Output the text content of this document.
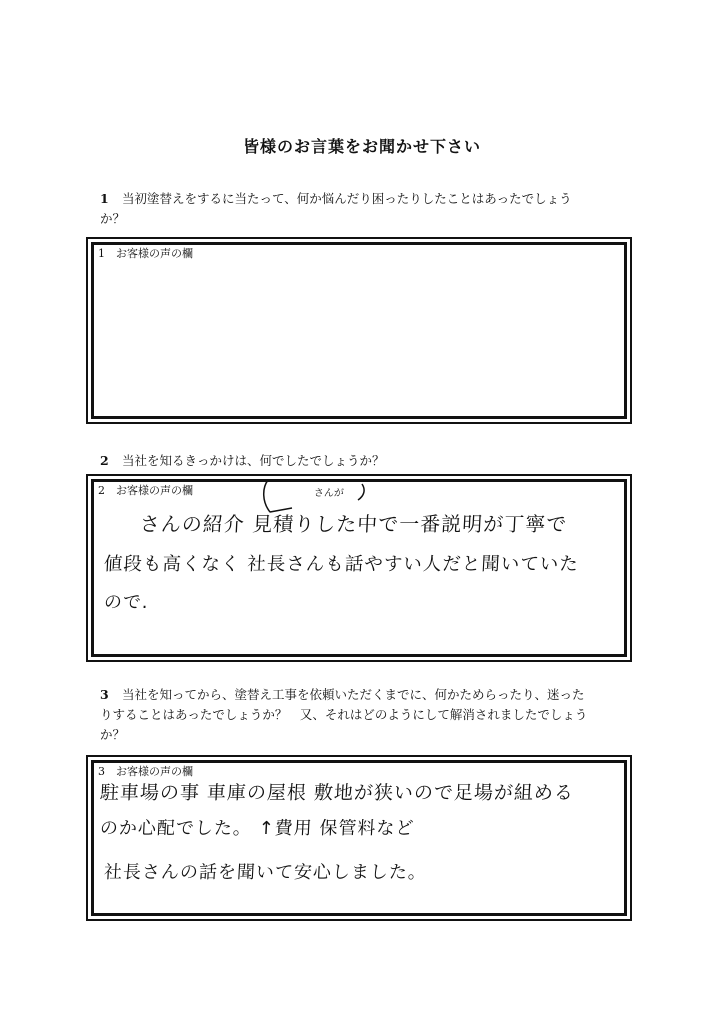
皆様のお言葉をお聞かせ下さい
1 当初塗替えをするに当たって、何か悩んだり困ったりしたことはあったでしょう
か？
1　お客様の声の欄
2 当社を知るきっかけは、何でしたでしょうか？
2　お客様の声の欄	さんが
さんの紹介 見積りした中で一番説明が丁寧で
値段も高くなく 社長さんも話やすい人だと聞いていた
ので.
3 当社を知ってから、塗替え工事を依頼いただくまでに、何かためらったり、迷った
りすることはあったでしょうか？　又、それはどのようにして解消されましたでしょう
か？
3　お客様の声の欄
駐車場の事 車庫の屋根 敷地が狭いので足場が組める
のか心配でした。 ↑費用 保管料など
社長さんの話を聞いて安心しました。
